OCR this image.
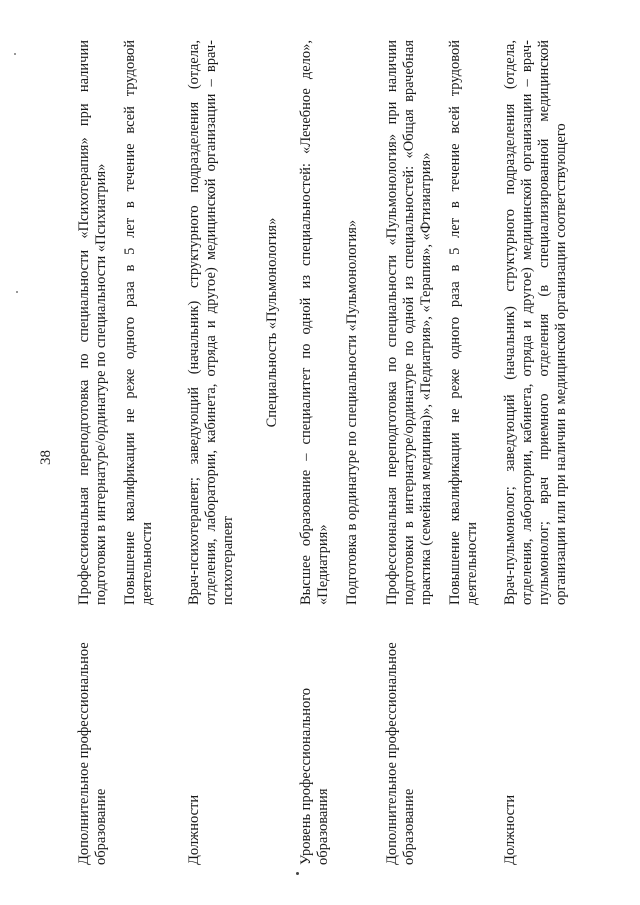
38
Дополнительное профессиональное образование

Профессиональная переподготовка по специальности «Психотерапия» при наличии подготовки в интернатуре/ординатуре по специальности «Психиатрия» Повышение квалификации не реже одного раза в 5 лет в течение всей трудовой деятельности

Должности

Врач-психотерапевт; заведующий (начальник) структурного подразделения (отдела, отделения, лаборатории, кабинета, отряда и другое) медицинской организации – врач-психотерапевт

Специальность «Пульмонология»
Уровень профессионального образования

Высшее образование – специалитет по одной из специальностей: «Лечебное дело», «Педиатрия» Подготовка в ординатуре по специальности «Пульмонология»

Дополнительное профессиональное образование

Профессиональная переподготовка по специальности «Пульмонология» при наличии подготовки в интернатуре/ординатуре по одной из специальностей: «Общая врачебная практика (семейная медицина)», «Педиатрия», «Терапия», «Фтизиатрия» Повышение квалификации не реже одного раза в 5 лет в течение всей трудовой деятельности

Должности

Врач-пульмонолог; заведующий (начальник) структурного подразделения (отдела, отделения, лаборатории, кабинета, отряда и другое) медицинской организации – врач-пульмонолог; врач приемного отделения (в специализированной медицинской организации или при наличии в медицинской организации соответствующего
